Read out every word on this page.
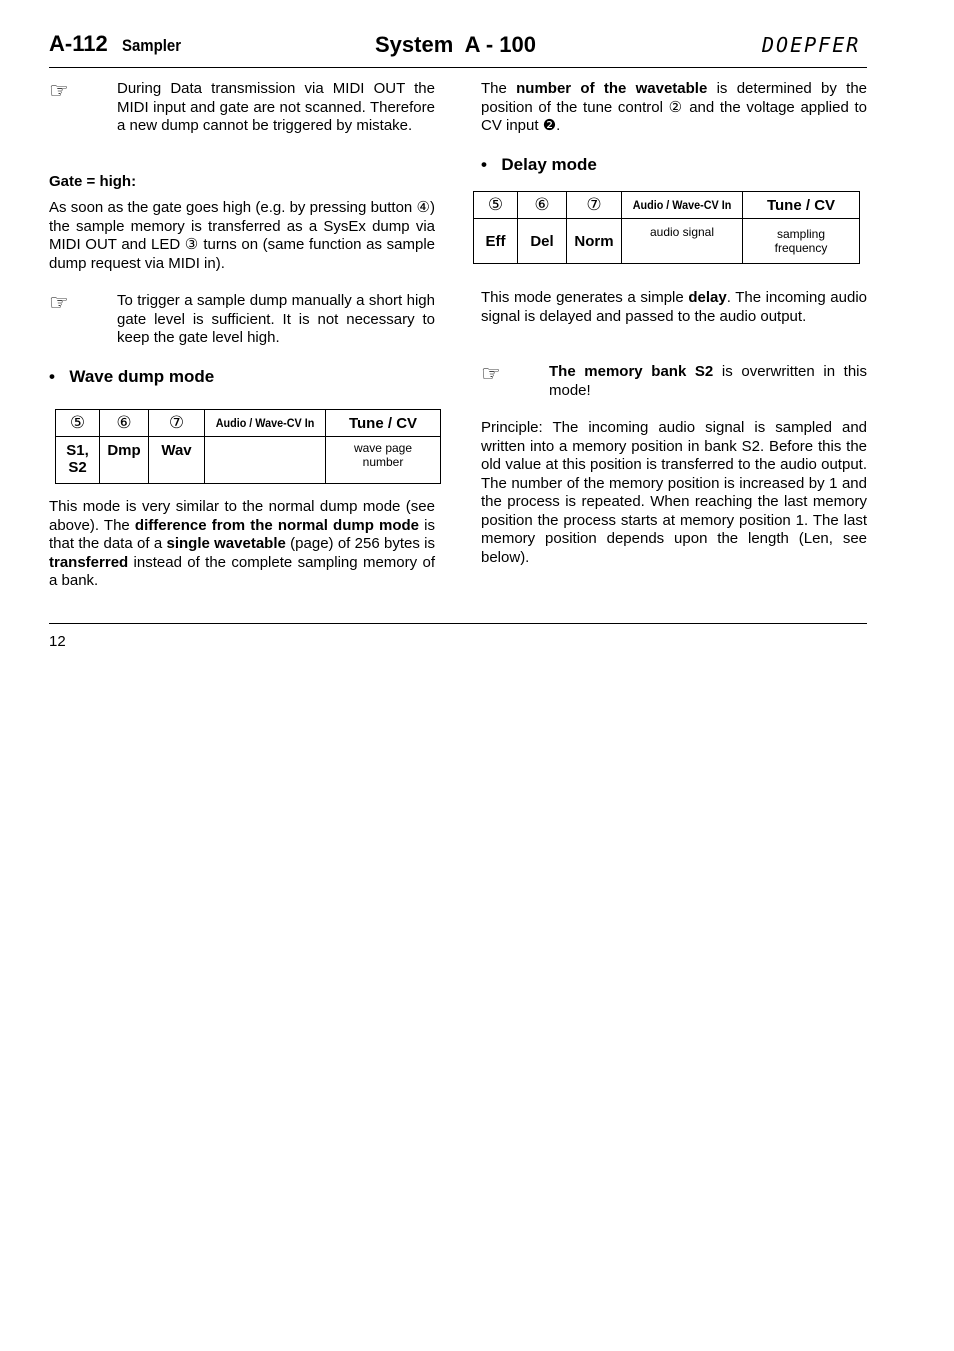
A-112 Sampler	System  A - 100	DOEPFER
☞	During Data transmission via MIDI OUT the MIDI input and gate are not scanned. Therefore a new dump cannot be triggered by mistake.
Gate = high:
As soon as the gate goes high (e.g. by pressing button ④) the sample memory is transferred as a SysEx dump via MIDI OUT and LED ③ turns on (same function as sample dump request via MIDI in).
☞	To trigger a sample dump manually a short high gate level is sufficient. It is not necessary to keep the gate level high.
• Wave dump mode
⑤	⑥	⑦	Audio / Wave-CV In	Tune / CV
S1, S2	Dmp	Wav		wave page number
This mode is very similar to the normal dump mode (see above). The difference from the normal dump mode is that the data of a single wavetable (page) of 256 bytes is transferred instead of the complete sampling memory of a bank.
The number of the wavetable is determined by the position of the tune control ② and the voltage applied to CV input ❷.
• Delay mode
⑤	⑥	⑦	Audio / Wave-CV In	Tune / CV
Eff	Del	Norm	audio signal	sampling frequency
This mode generates a simple delay. The incoming audio signal is delayed and passed to the audio output.
☞	The memory bank S2 is overwritten in this mode!
Principle: The incoming audio signal is sampled and written into a memory position in bank S2. Before this the old value at this position is transferred to the audio output. The number of the memory position is increased by 1 and the process is repeated. When reaching the last memory position the process starts at memory position 1. The last memory position depends upon the length (Len, see below).
12
